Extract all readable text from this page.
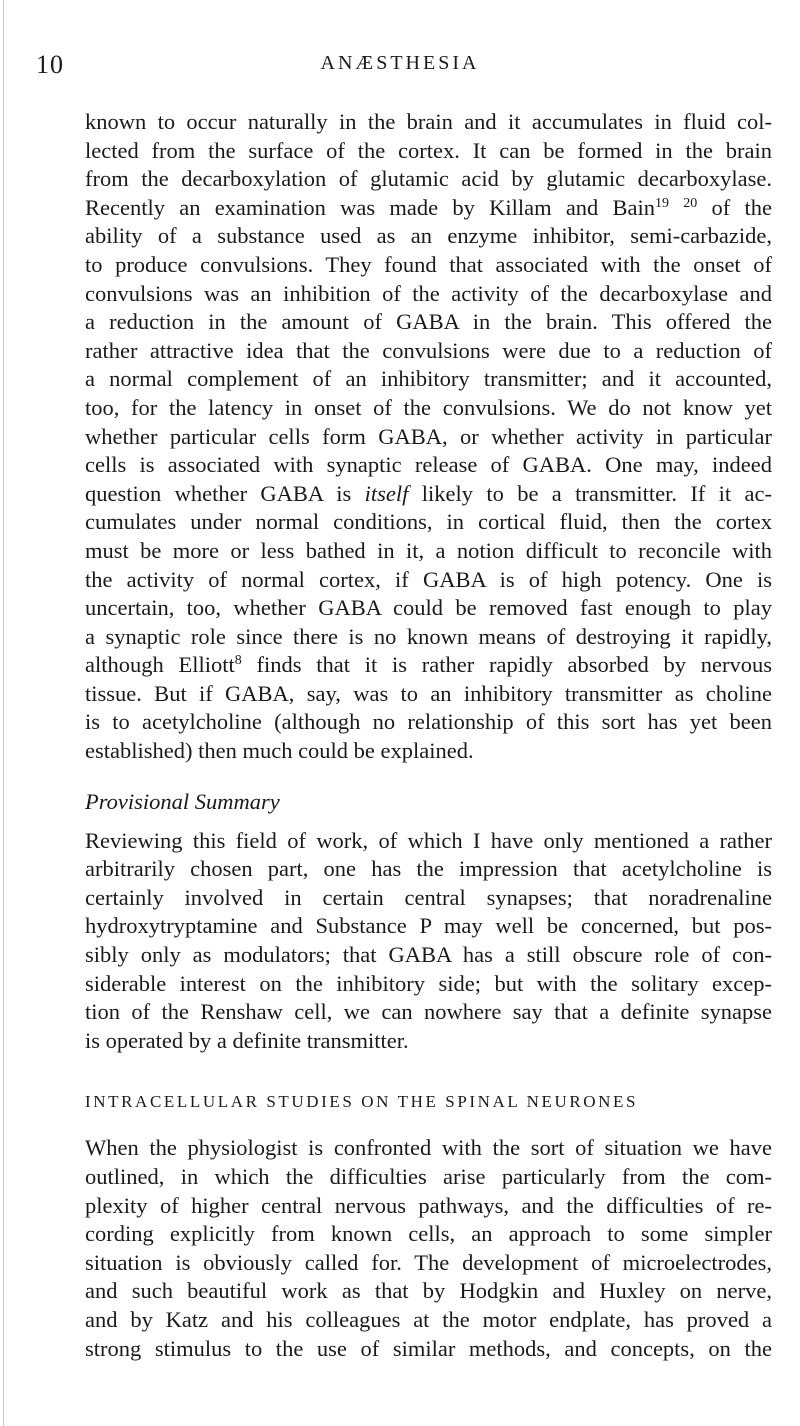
10	ANÆSTHESIA

known to occur naturally in the brain and it accumulates in fluid col-
lected from the surface of the cortex. It can be formed in the brain
from the decarboxylation of glutamic acid by glutamic decarboxylase.
Recently an examination was made by Killam and Bain$^{19}$ $^{20}$ of the
ability of a substance used as an enzyme inhibitor, semi-carbazide,
to produce convulsions. They found that associated with the onset of
convulsions was an inhibition of the activity of the decarboxylase and
a reduction in the amount of GABA in the brain. This offered the
rather attractive idea that the convulsions were due to a reduction of
a normal complement of an inhibitory transmitter; and it accounted,
too, for the latency in onset of the convulsions. We do not know yet
whether particular cells form GABA, or whether activity in particular
cells is associated with synaptic release of GABA. One may, indeed
question whether GABA is itself likely to be a transmitter. If it ac-
cumulates under normal conditions, in cortical fluid, then the cortex
must be more or less bathed in it, a notion difficult to reconcile with
the activity of normal cortex, if GABA is of high potency. One is
uncertain, too, whether GABA could be removed fast enough to play
a synaptic role since there is no known means of destroying it rapidly,
although Elliott$^8$ finds that it is rather rapidly absorbed by nervous
tissue. But if GABA, say, was to an inhibitory transmitter as choline
is to acetylcholine (although no relationship of this sort has yet been
established) then much could be explained.

Provisional Summary

Reviewing this field of work, of which I have only mentioned a rather
arbitrarily chosen part, one has the impression that acetylcholine is
certainly involved in certain central synapses; that noradrenaline
hydroxytryptamine and Substance P may well be concerned, but pos-
sibly only as modulators; that GABA has a still obscure role of con-
siderable interest on the inhibitory side; but with the solitary excep-
tion of the Renshaw cell, we can nowhere say that a definite synapse
is operated by a definite transmitter.

INTRACELLULAR STUDIES ON THE SPINAL NEURONES

When the physiologist is confronted with the sort of situation we have
outlined, in which the difficulties arise particularly from the com-
plexity of higher central nervous pathways, and the difficulties of re-
cording explicitly from known cells, an approach to some simpler
situation is obviously called for. The development of microelectrodes,
and such beautiful work as that by Hodgkin and Huxley on nerve,
and by Katz and his colleagues at the motor endplate, has proved a
strong stimulus to the use of similar methods, and concepts, on the
